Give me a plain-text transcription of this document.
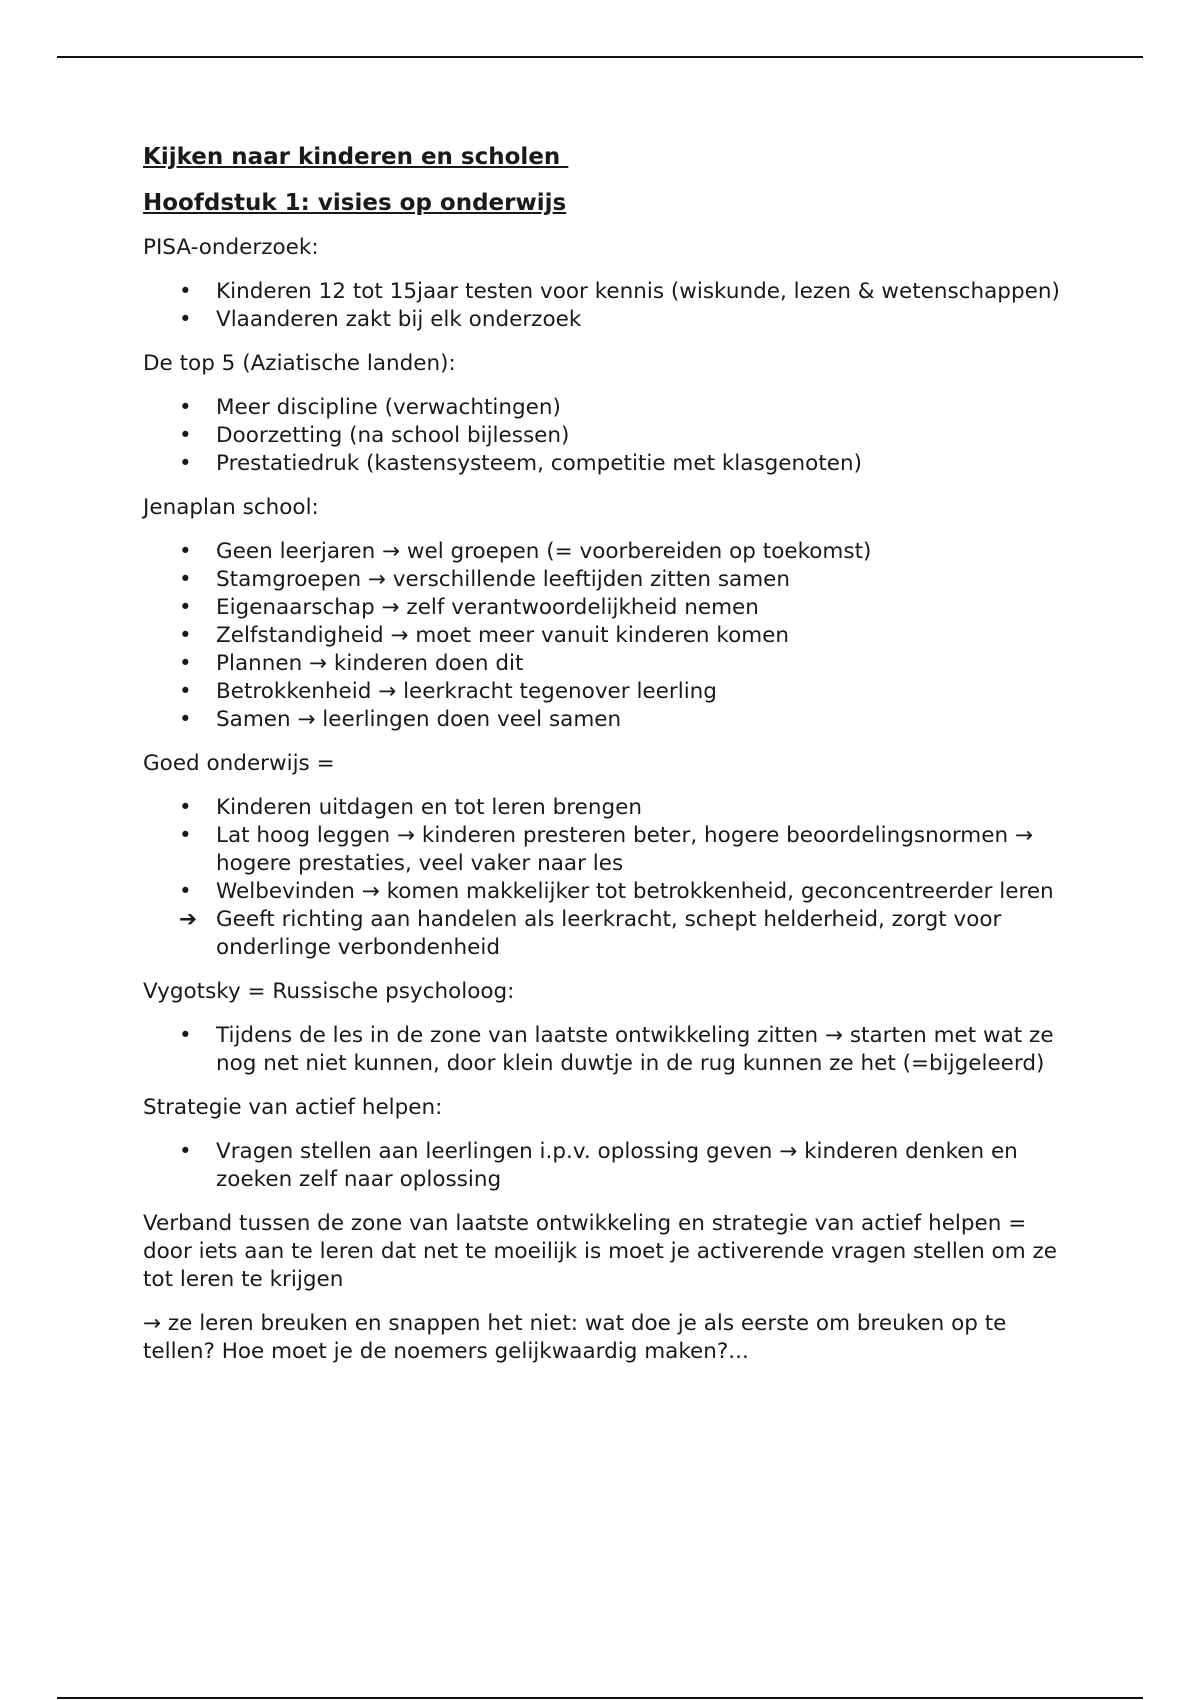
Kijken naar kinderen en scholen
Hoofdstuk 1: visies op onderwijs
PISA-onderzoek:
•	Kinderen 12 tot 15jaar testen voor kennis (wiskunde, lezen & wetenschappen)
•	Vlaanderen zakt bij elk onderzoek
De top 5 (Aziatische landen):
•	Meer discipline (verwachtingen)
•	Doorzetting (na school bijlessen)
•	Prestatiedruk (kastensysteem, competitie met klasgenoten)
Jenaplan school:
•	Geen leerjaren → wel groepen (= voorbereiden op toekomst)
•	Stamgroepen → verschillende leeftijden zitten samen
•	Eigenaarschap → zelf verantwoordelijkheid nemen
•	Zelfstandigheid → moet meer vanuit kinderen komen
•	Plannen → kinderen doen dit
•	Betrokkenheid → leerkracht tegenover leerling
•	Samen → leerlingen doen veel samen
Goed onderwijs =
•	Kinderen uitdagen en tot leren brengen
•	Lat hoog leggen → kinderen presteren beter, hogere beoordelingsnormen → hogere prestaties, veel vaker naar les
•	Welbevinden → komen makkelijker tot betrokkenheid, geconcentreerder leren
➔ Geeft richting aan handelen als leerkracht, schept helderheid, zorgt voor onderlinge verbondenheid
Vygotsky = Russische psycholoog:
•	Tijdens de les in de zone van laatste ontwikkeling zitten → starten met wat ze nog net niet kunnen, door klein duwtje in de rug kunnen ze het (=bijgeleerd)
Strategie van actief helpen:
•	Vragen stellen aan leerlingen i.p.v. oplossing geven → kinderen denken en zoeken zelf naar oplossing
Verband tussen de zone van laatste ontwikkeling en strategie van actief helpen = door iets aan te leren dat net te moeilijk is moet je activerende vragen stellen om ze tot leren te krijgen
→ ze leren breuken en snappen het niet: wat doe je als eerste om breuken op te tellen? Hoe moet je de noemers gelijkwaardig maken?...
